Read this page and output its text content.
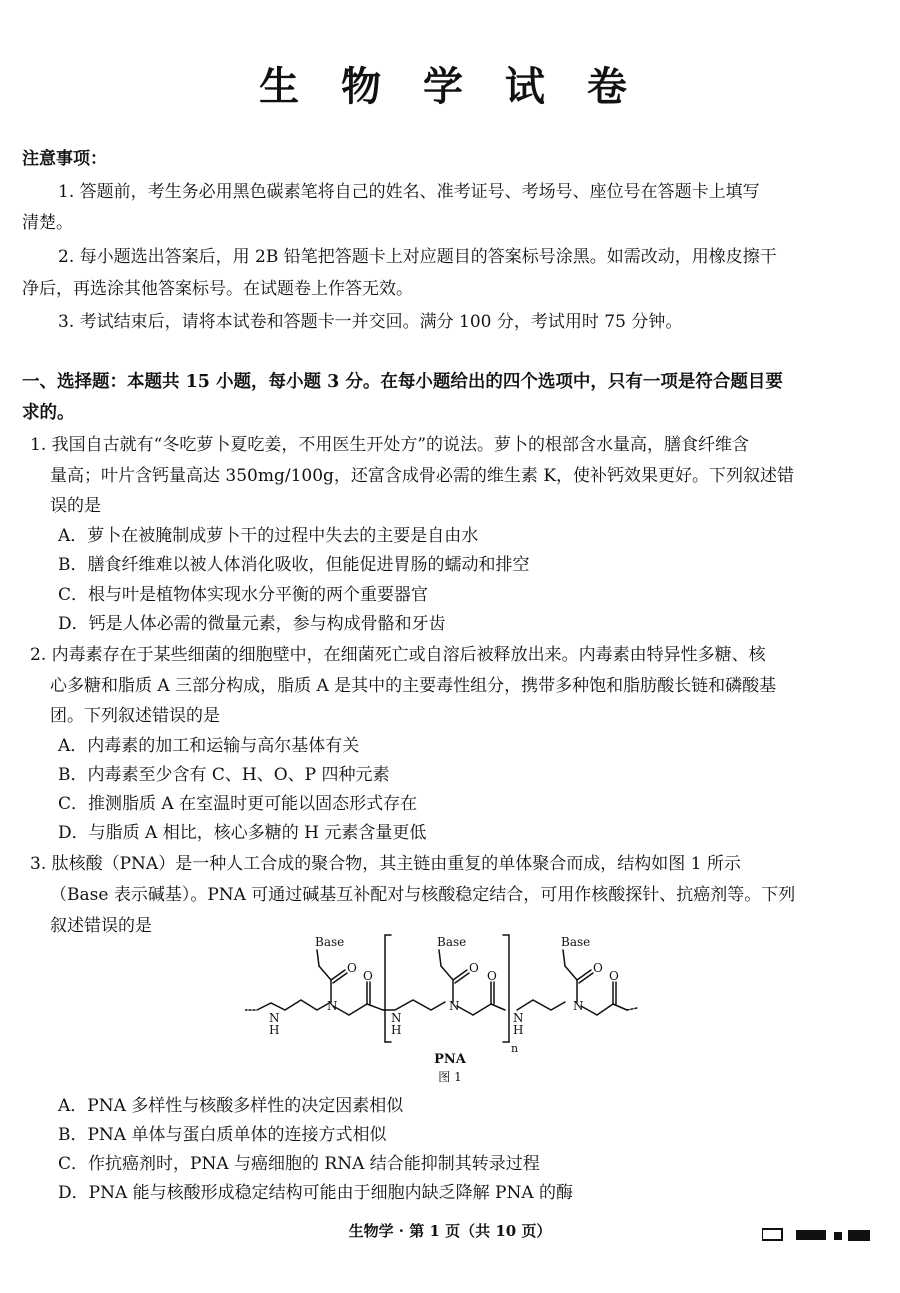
生 物 学 试 卷
注意事项：
1. 答题前，考生务必用黑色碳素笔将自己的姓名、准考证号、考场号、座位号在答题卡上填写
清楚。
2. 每小题选出答案后，用 2B 铅笔把答题卡上对应题目的答案标号涂黑。如需改动，用橡皮擦干
净后，再选涂其他答案标号。在试题卷上作答无效。
3. 考试结束后，请将本试卷和答题卡一并交回。满分 100 分，考试用时 75 分钟。
一、选择题：本题共 15 小题，每小题 3 分。在每小题给出的四个选项中，只有一项是符合题目要
求的。
1. 我国自古就有“冬吃萝卜夏吃姜，不用医生开处方”的说法。萝卜的根部含水量高，膳食纤维含
量高；叶片含钙量高达 350mg/100g，还富含成骨必需的维生素 K，使补钙效果更好。下列叙述错
误的是
A．萝卜在被腌制成萝卜干的过程中失去的主要是自由水
B．膳食纤维难以被人体消化吸收，但能促进胃肠的蠕动和排空
C．根与叶是植物体实现水分平衡的两个重要器官
D．钙是人体必需的微量元素，参与构成骨骼和牙齿
2. 内毒素存在于某些细菌的细胞壁中，在细菌死亡或自溶后被释放出来。内毒素由特异性多糖、核
心多糖和脂质 A 三部分构成，脂质 A 是其中的主要毒性组分，携带多种饱和脂肪酸长链和磷酸基
团。下列叙述错误的是
A．内毒素的加工和运输与高尔基体有关
B．内毒素至少含有 C、H、O、P 四种元素
C．推测脂质 A 在室温时更可能以固态形式存在
D．与脂质 A 相比，核心多糖的 H 元素含量更低
3. 肽核酸（PNA）是一种人工合成的聚合物，其主链由重复的单体聚合而成，结构如图 1 所示
（Base 表示碱基）。PNA 可通过碱基互补配对与核酸稳定结合，可用作核酸探针、抗癌剂等。下列
叙述错误的是
Base	Base	Base
O	O	O
O	O	O
N
N
N
N
N
N
H	H	H
n
PNA
图 1
A．PNA 多样性与核酸多样性的决定因素相似
B．PNA 单体与蛋白质单体的连接方式相似
C．作抗癌剂时，PNA 与癌细胞的 RNA 结合能抑制其转录过程
D．PNA 能与核酸形成稳定结构可能由于细胞内缺乏降解 PNA 的酶
生物学 · 第 1 页（共 10 页）
